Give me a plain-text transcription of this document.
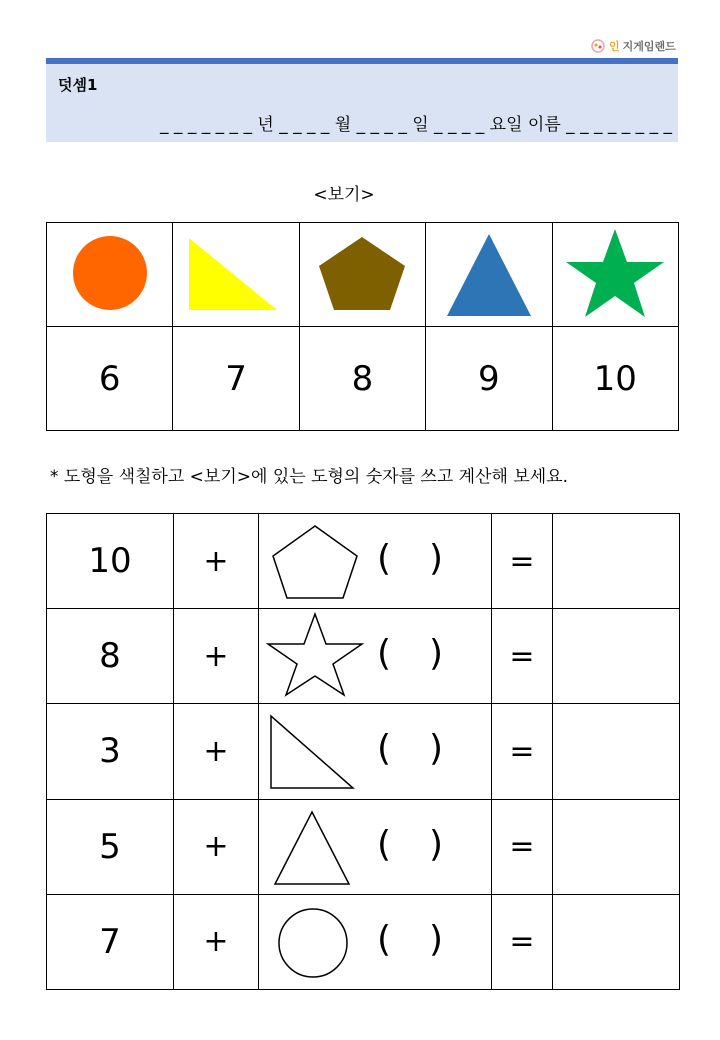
인 지게임랜드
덧셈1
_ _ _ _ _ _ _ 년 _ _ _ _ 월 _ _ _ _ 일 _ _ _ _ 요일 이름 _ _ _ _ _ _ _ _
<보기>

6	7	8	9	10
* 도형을 색칠하고 <보기>에 있는 도형의 숫자를 쓰고 계산해 보세요.
10	+	( )	=	
8	+	( )	=	
3	+	( )	=	
5	+	( )	=	
7	+	( )	=	
